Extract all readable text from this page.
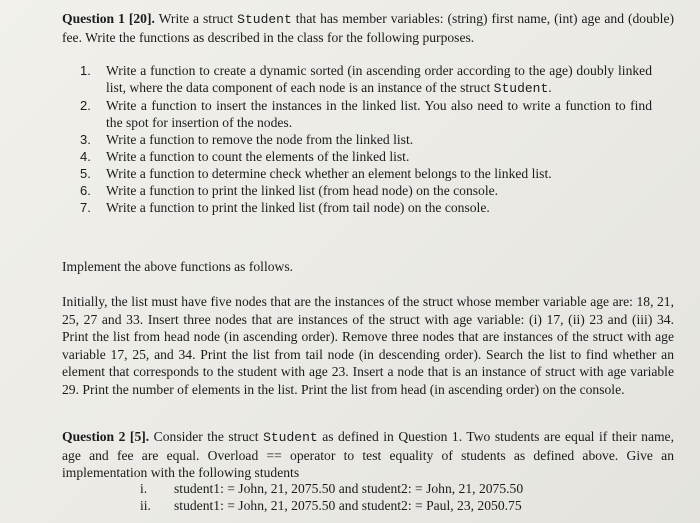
Question 1 [20]. Write a struct Student that has member variables: (string) first name, (int) age and (double) fee. Write the functions as described in the class for the following purposes.

1. Write a function to create a dynamic sorted (in ascending order according to the age) doubly linked list, where the data component of each node is an instance of the struct Student.
2. Write a function to insert the instances in the linked list. You also need to write a function to find the spot for insertion of the nodes.
3. Write a function to remove the node from the linked list.
4. Write a function to count the elements of the linked list.
5. Write a function to determine check whether an element belongs to the linked list.
6. Write a function to print the linked list (from head node) on the console.
7. Write a function to print the linked list (from tail node) on the console.

Implement the above functions as follows.

Initially, the list must have five nodes that are the instances of the struct whose member variable age are: 18, 21, 25, 27 and 33. Insert three nodes that are instances of the struct with age variable: (i) 17, (ii) 23 and (iii) 34. Print the list from head node (in ascending order). Remove three nodes that are instances of the struct with age variable 17, 25, and 34. Print the list from tail node (in descending order). Search the list to find whether an element that corresponds to the student with age 23. Insert a node that is an instance of struct with age variable 29. Print the number of elements in the list. Print the list from head (in ascending order) on the console.

Question 2 [5]. Consider the struct Student as defined in Question 1. Two students are equal if their name, age and fee are equal. Overload == operator to test equality of students as defined above. Give an implementation with the following students

i. student1: = John, 21, 2075.50 and student2: = John, 21, 2075.50

ii. student1: = John, 21, 2075.50 and student2: = Paul, 23, 2050.75
